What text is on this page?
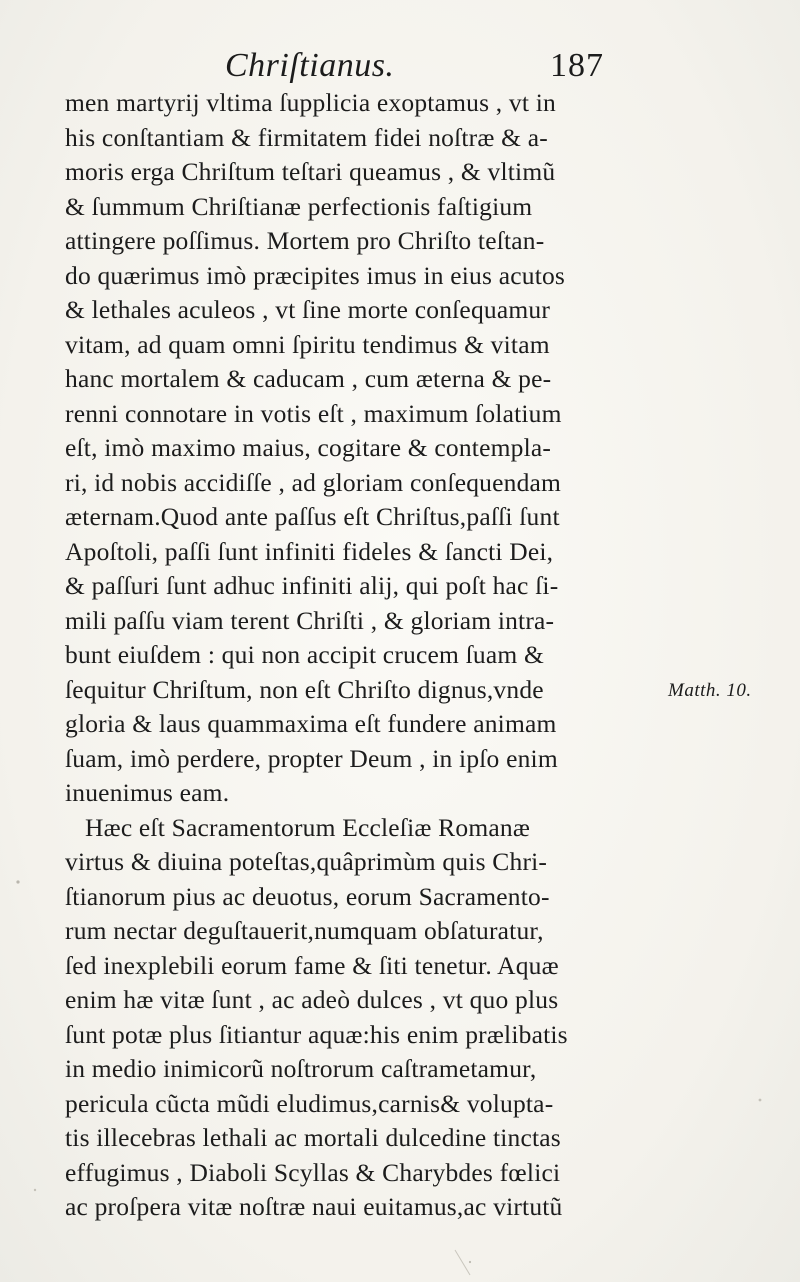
Chriſtianus.	187
men martyrij vltima ſupplicia exoptamus , vt in
his conſtantiam & firmitatem fidei noſtræ & a-
moris erga Chriſtum teſtari queamus , & vltimũ
& ſummum Chriſtianæ perfectionis faſtigium
attingere poſſimus. Mortem pro Chriſto teſtan-
do quærimus imò præcipites imus in eius acutos
& lethales aculeos , vt ſine morte conſequamur
vitam, ad quam omni ſpiritu tendimus & vitam
hanc mortalem & caducam , cum æterna & pe-
renni connotare in votis eſt , maximum ſolatium
eſt, imò maximo maius, cogitare & contempla-
ri, id nobis accidiſſe , ad gloriam conſequendam
æternam.Quod ante paſſus eſt Chriſtus,paſſi ſunt
Apoſtoli, paſſi ſunt infiniti fideles & ſancti Dei,
& paſſuri ſunt adhuc infiniti alij, qui poſt hac ſi-
mili paſſu viam terent Chriſti , & gloriam intra-
bunt eiuſdem : qui non accipit crucem ſuam &
ſequitur Chriſtum, non eſt Chriſto dignus,vnde
gloria & laus quammaxima eſt fundere animam
ſuam, imò perdere, propter Deum , in ipſo enim
inuenimus eam.
Hæc eſt Sacramentorum Eccleſiæ Romanæ
virtus & diuina poteſtas,quâprimùm quis Chri-
ſtianorum pius ac deuotus, eorum Sacramento-
rum nectar deguſtauerit,numquam obſaturatur,
ſed inexplebili eorum fame & ſiti tenetur. Aquæ
enim hæ vitæ ſunt , ac adeò dulces , vt quo plus
ſunt potæ plus ſitiantur aquæ:his enim prælibatis
in medio inimicorũ noſtrorum caſtrametamur,
pericula cũcta mũdi eludimus,carnis& volupta-
tis illecebras lethali ac mortali dulcedine tinctas
effugimus , Diaboli Scyllas & Charybdes fœlici
ac proſpera vitæ noſtræ naui euitamus,ac virtutũ
Matth. 10.
